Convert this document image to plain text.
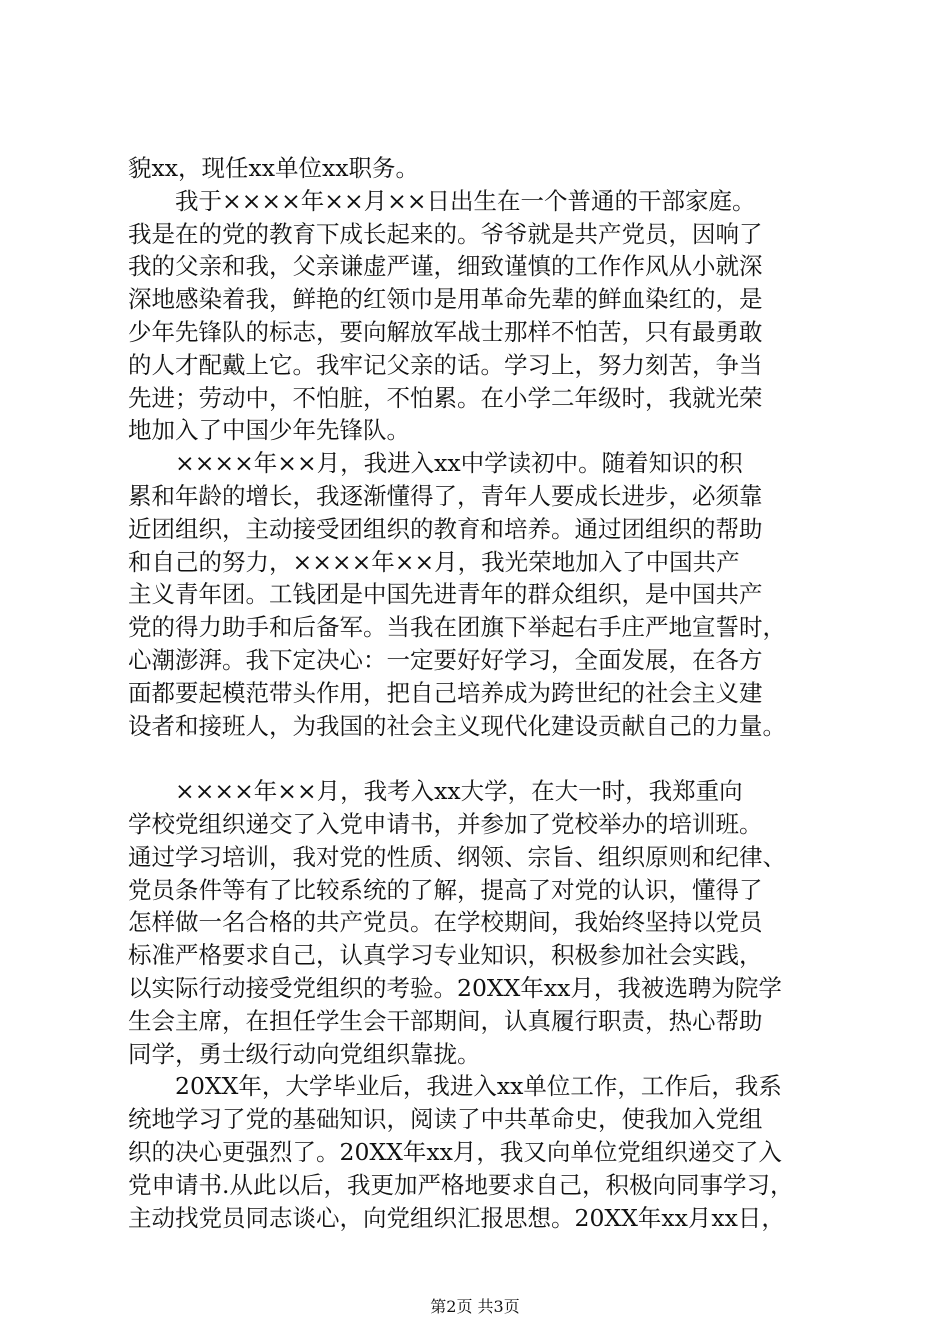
貌xx，现任xx单位xx职务。
　　我于××××年××月××日出生在一个普通的干部家庭。
我是在的党的教育下成长起来的。爷爷就是共产党员，因响了
我的父亲和我，父亲谦虚严谨，细致谨慎的工作作风从小就深
深地感染着我，鲜艳的红领巾是用革命先辈的鲜血染红的，是
少年先锋队的标志，要向解放军战士那样不怕苦，只有最勇敢
的人才配戴上它。我牢记父亲的话。学习上，努力刻苦，争当
先进；劳动中，不怕脏，不怕累。在小学二年级时，我就光荣
地加入了中国少年先锋队。
　　××××年××月，我进入xx中学读初中。随着知识的积
累和年龄的增长，我逐渐懂得了，青年人要成长进步，必须靠
近团组织，主动接受团组织的教育和培养。通过团组织的帮助
和自己的努力，××××年××月，我光荣地加入了中国共产
主义青年团。工钱团是中国先进青年的群众组织，是中国共产
党的得力助手和后备军。当我在团旗下举起右手庄严地宣誓时，
心潮澎湃。我下定决心：一定要好好学习，全面发展，在各方
面都要起模范带头作用，把自己培养成为跨世纪的社会主义建
设者和接班人，为我国的社会主义现代化建设贡献自己的力量。
　　××××年××月，我考入xx大学，在大一时，我郑重向
学校党组织递交了入党申请书，并参加了党校举办的培训班。
通过学习培训，我对党的性质、纲领、宗旨、组织原则和纪律、
党员条件等有了比较系统的了解，提高了对党的认识，懂得了
怎样做一名合格的共产党员。在学校期间，我始终坚持以党员
标准严格要求自己，认真学习专业知识，积极参加社会实践，
以实际行动接受党组织的考验。20XX年xx月，我被选聘为院学
生会主席，在担任学生会干部期间，认真履行职责，热心帮助
同学，勇士级行动向党组织靠拢。
　　20XX年，大学毕业后，我进入xx单位工作，工作后，我系
统地学习了党的基础知识，阅读了中共革命史，使我加入党组
织的决心更强烈了。20XX年xx月，我又向单位党组织递交了入
党申请书.从此以后，我更加严格地要求自己，积极向同事学习，
主动找党员同志谈心，向党组织汇报思想。20XX年xx月xx日，
第2页 共3页
